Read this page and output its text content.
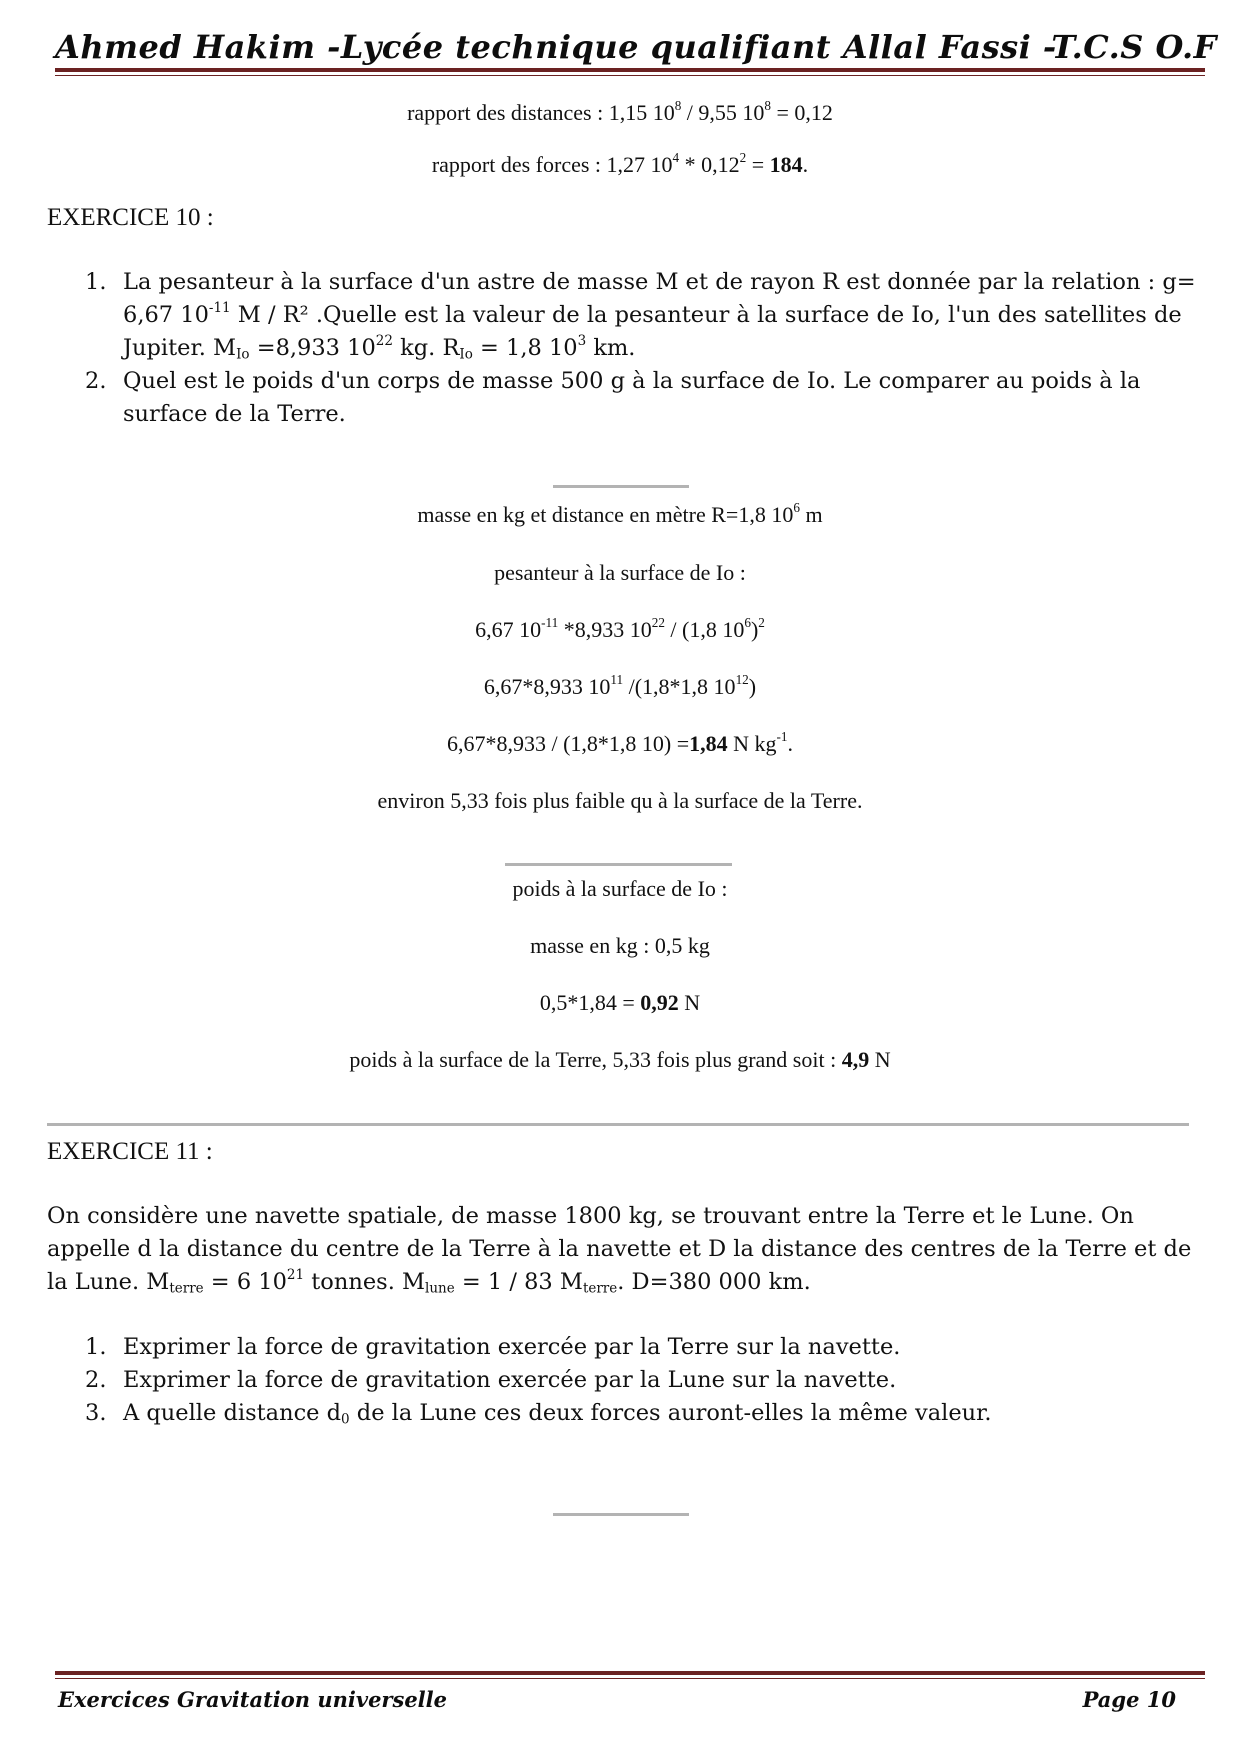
Ahmed Hakim -Lycée technique qualifiant Allal Fassi -T.C.S O.F
rapport des distances : 1,15 $10^8 / 9,55$ $10^8 = 0,12$
rapport des forces : 1,27 $10^4 * 0,12^2 = 184$.
EXERCICE 10 :
1. La pesanteur à la surface d'un astre de masse M et de rayon R est donnée par la relation : g= 6,67 $10^{-11}$ M / R² .Quelle est la valeur de la pesanteur à la surface de Io, l'un des satellites de Jupiter. $M_{Io} =8,933$ $10^{22}$ kg. $R_{Io} = 1,8$ $10^3$ km.
2. Quel est le poids d'un corps de masse 500 g à la surface de Io. Le comparer au poids à la surface de la Terre.
masse en kg et distance en mètre R=1,8 $10^6$ m
pesanteur à la surface de Io :
6,67 $10^{-11}$ *8,933 $10^{22} / (1,8$ $10^6)^2$
6,67*8,933 $10^{11}$ /(1,8*1,8 $10^{12}$)
6,67*8,933 / (1,8*1,8 10) =1,84 N $kg^{-1}$.
environ 5,33 fois plus faible qu à la surface de la Terre.
poids à la surface de Io :
masse en kg : 0,5 kg
0,5*1,84 = 0,92 N
poids à la surface de la Terre, 5,33 fois plus grand soit : 4,9 N
EXERCICE 11 :
On considère une navette spatiale, de masse 1800 kg, se trouvant entre la Terre et le Lune. On appelle d la distance du centre de la Terre à la navette et D la distance des centres de la Terre et de la Lune. $M_{terre} = 6$ $10^{21}$ tonnes. $M_{lune} = 1 / 83$ $M_{terre}$. D=380 000 km.
1. Exprimer la force de gravitation exercée par la Terre sur la navette.
2. Exprimer la force de gravitation exercée par la Lune sur la navette.
3. A quelle distance $d_0$ de la Lune ces deux forces auront-elles la même valeur.
Exercices Gravitation universelle	Page 10
